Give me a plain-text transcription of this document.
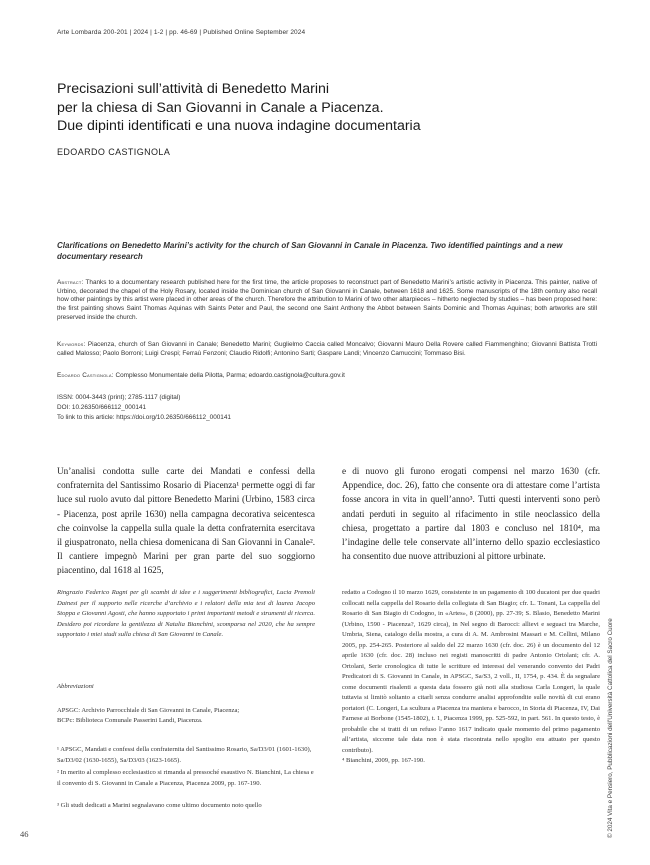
Arte Lombarda 200-201 | 2024 | 1-2 | pp. 46-69 | Published Online September 2024
Precisazioni sull’attività di Benedetto Marini
per la chiesa di San Giovanni in Canale a Piacenza.
Due dipinti identificati e una nuova indagine documentaria
EDOARDO CASTIGNOLA
Clarifications on Benedetto Marini’s activity for the church of San Giovanni in Canale in Piacenza. Two identified paintings and a new documentary research
Abstract: Thanks to a documentary research published here for the first time, the article proposes to reconstruct part of Benedetto Marini’s artistic activity in Piacenza. This painter, native of Urbino, decorated the chapel of the Holy Rosary, located inside the Dominican church of San Giovanni in Canale, between 1618 and 1625. Some manuscripts of the 18th century also recall how other paintings by this artist were placed in other areas of the church. Therefore the attribution to Marini of two other altarpieces – hitherto neglected by studies – has been proposed here: the first painting shows Saint Thomas Aquinas with Saints Peter and Paul, the second one Saint Anthony the Abbot between Saints Dominic and Thomas Aquinas; both artworks are still preserved inside the church.
Keywords: Piacenza, church of San Giovanni in Canale; Benedetto Marini; Guglielmo Caccia called Moncalvo; Giovanni Mauro Della Rovere called Fiammenghino; Giovanni Battista Trotti called Malosso; Paolo Borroni; Luigi Crespi; Ferraù Fenzoni; Claudio Ridolfi; Antonino Sarti; Gaspare Landi; Vincenzo Camuccini; Tommaso Bisi.
Edoardo Castignola: Complesso Monumentale della Pilotta, Parma; edoardo.castignola@cultura.gov.it
ISSN: 0004-3443 (print); 2785-1117 (digital)
DOI: 10.26350/666112_000141
To link to this article: https://doi.org/10.26350/666112_000141

Un’analisi condotta sulle carte dei Mandati e confessi della confraternita del Santissimo Rosario di Piacenza¹ permette oggi di far luce sul ruolo avuto dal pittore Benedetto Marini (Urbino, 1583 circa - Piacenza, post aprile 1630) nella campagna decorativa seicentesca che coinvolse la cappella sulla quale la detta confraternita esercitava il giuspatronato, nella chiesa domenicana di San Giovanni in Canale². Il cantiere impegnò Marini per gran parte del suo soggiorno piacentino, dal 1618 al 1625,

e di nuovo gli furono erogati compensi nel marzo 1630 (cfr. Appendice, doc. 26), fatto che consente ora di attestare come l’artista fosse ancora in vita in quell’anno³. Tutti questi interventi sono però andati perduti in seguito al rifacimento in stile neoclassico della chiesa, progettato a partire dal 1803 e concluso nel 1810⁴, ma l’indagine delle tele conservate all’interno dello spazio ecclesiastico ha consentito due nuove attribuzioni al pittore urbinate.

Ringrazio Federico Ragni per gli scambi di idee e i suggerimenti bibliografici, Lucia Premoli Dainesi per il supporto nelle ricerche d’archivio e i relatori della mia tesi di laurea Jacopo Stoppa e Giovanni Agosti, che hanno supportato i primi importanti metodi e strumenti di ricerca. Desidero poi ricordare la gentilezza di Natalia Bianchini, scomparsa nel 2020, che ha sempre supportato i miei studi sulla chiesa di San Giovanni in Canale.

Abbreviazioni
APSGC: Archivio Parrocchiale di San Giovanni in Canale, Piacenza;
BCPc: Biblioteca Comunale Passerini Landi, Piacenza.
¹ APSGC, Mandati e confessi della confraternita del Santissimo Rosario, Sa/D3/01 (1601-1630), Sa/D3/02 (1630-1655), Sa/D3/03 (1623-1665).
² In merito al complesso ecclesiastico si rimanda al pressoché esaustivo N. Bianchini, La chiesa e il convento di S. Giovanni in Canale a Piacenza, Piacenza 2009, pp. 167-190.
³ Gli studi dedicati a Marini segnalavano come ultimo documento noto quello

redatto a Codogno il 10 marzo 1629, consistente in un pagamento di 100 ducatoni per due quadri collocati nella cappella del Rosario della collegiata di San Biagio; cfr. L. Tonani, La cappella del Rosario di San Biagio di Codogno, in «Artes», 8 (2000), pp. 27-39; S. Blasio, Benedetto Marini (Urbino, 1590 - Piacenza?, 1629 circa), in Nel segno di Barocci: allievi e seguaci tra Marche, Umbria, Siena, catalogo della mostra, a cura di A. M. Ambrosini Massari e M. Cellini, Milano 2005, pp. 254-265. Posteriore al saldo del 22 marzo 1630 (cfr. doc. 26) è un documento del 12 aprile 1630 (cfr. doc. 28) incluso nei registi manoscritti di padre Antonio Ortolani; cfr. A. Ortolani, Serie cronologica di tutte le scritture ed interessi del venerando convento dei Padri Predicatori di S. Giovanni in Canale, in APSGC, Sa/S3, 2 voll., II, 1754, p. 434. È da segnalare come documenti risalenti a questa data fossero già noti alla studiosa Carla Longeri, la quale tuttavia si limitò soltanto a citarli senza condurre analisi approfondite sulle novità di cui erano portatori (C. Longeri, La scultura a Piacenza tra maniera e barocco, in Storia di Piacenza, IV, Dai Farnese ai Borbone (1545-1802), t. 1, Piacenza 1999, pp. 525-592, in part. 561. In questo testo, è probabile che si tratti di un refuso l’anno 1617 indicato quale momento del primo pagamento all’artista, siccome tale data non è stata riscontrata nello spoglio era attuato per questo contributo).

⁴ Bianchini, 2009, pp. 167-190.

46	© 2024 Vita e Pensiero, Pubblicazioni dell’Università Cattolica del Sacro Cuore
